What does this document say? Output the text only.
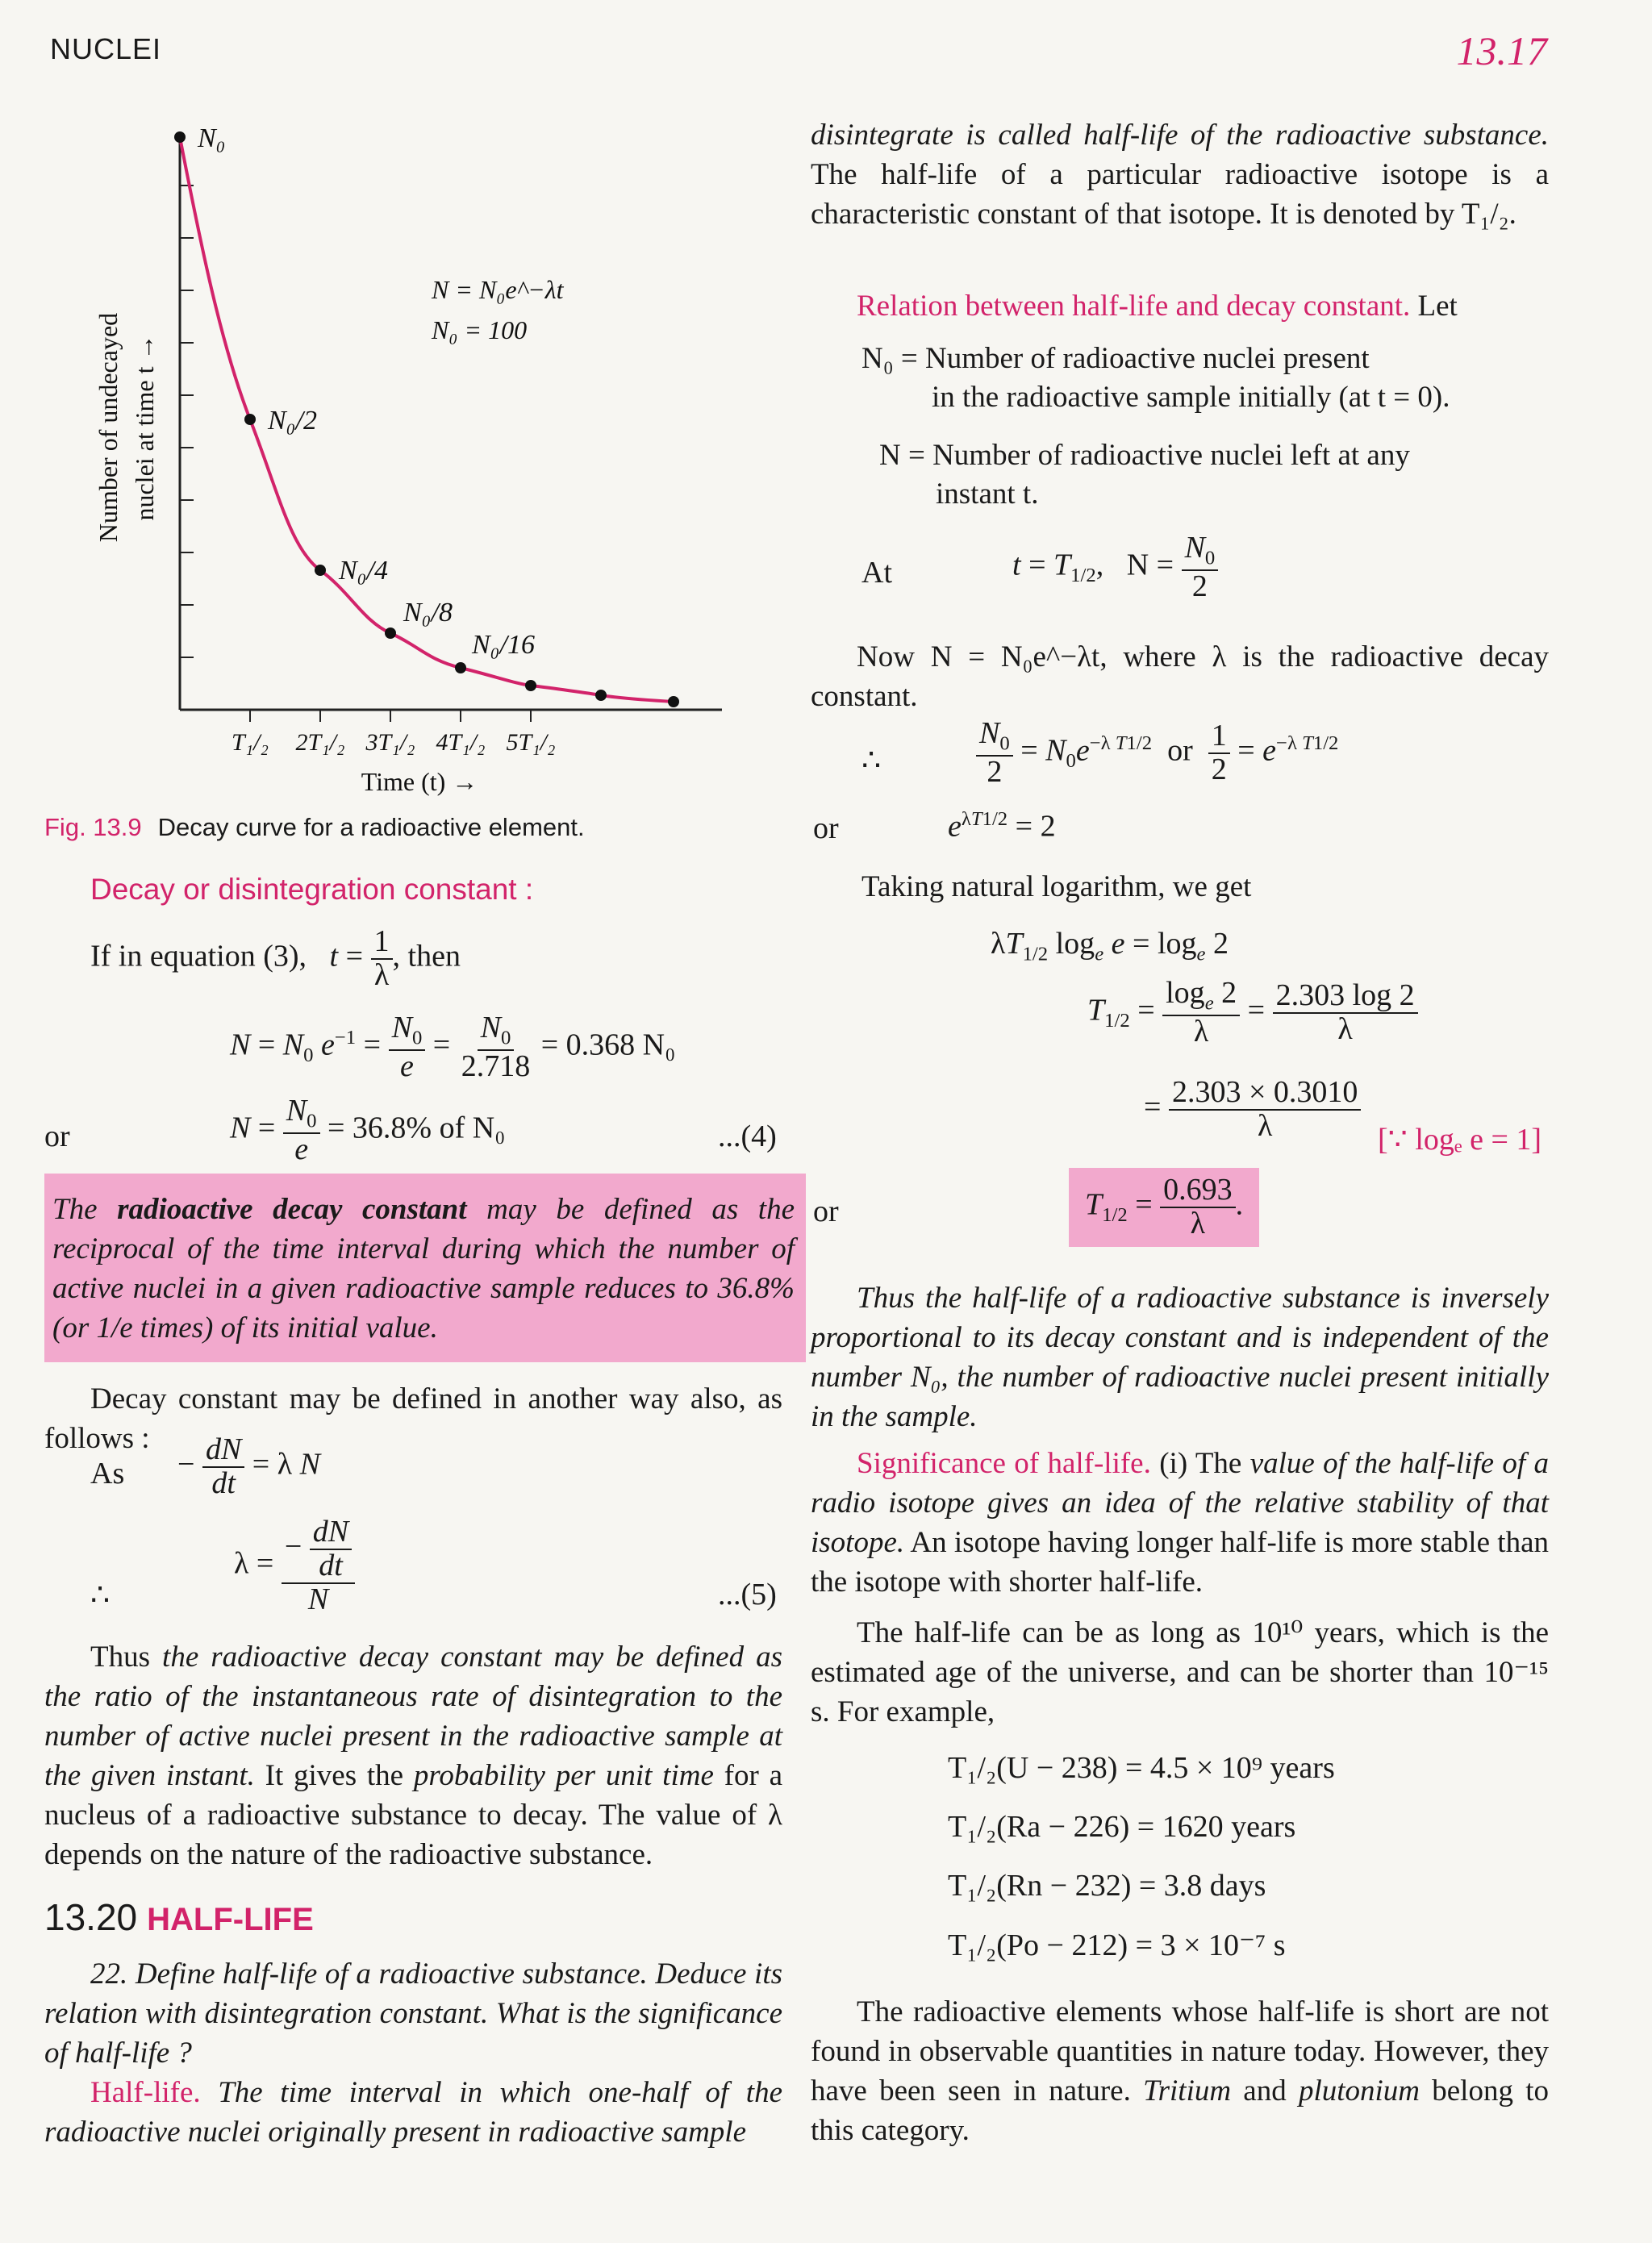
NUCLEI	13.17
N₀
N₀/2
N₀/4
N₀/8
N₀/16
N = N₀e^−λt
N₀ = 100
T₁/₂ 2T₁/₂ 3T₁/₂ 4T₁/₂ 5T₁/₂
Time (t) →
Number of undecayed nuclei at time t →
Fig. 13.9 Decay curve for a radioactive element.
Decay or disintegration constant :
If in equation (3), $t = \frac{1}{\lambda}$ , then
$N = N_0$ $e^{-1} = \frac{N_0}{e} = \frac{N_0}{2.718} = 0.368$ N₀
or	$N = \frac{N_0}{e} = 36.8\%$ of N₀	...(4)
The radioactive decay constant may be defined as the reciprocal of the time interval during which the number of active nuclei in a given radioactive sample reduces to 36.8% (or 1/e times) of its initial value.

Decay constant may be defined in another way also, as follows :

$As - \frac{dN}{dt} = \lambda$ N
∴
$\lambda = \frac{- \frac{dN}{dt}}{N}$	...(5)

Thus the radioactive decay constant may be defined as the ratio of the instantaneous rate of disintegration to the number of active nuclei present in the radioactive sample at the given instant. It gives the probability per unit time for a nucleus of a radioactive substance to decay. The value of λ depends on the nature of the radioactive substance.

13.20 HALF-LIFE

22. Define half-life of a radioactive substance. Deduce its relation with disintegration constant. What is the significance of half-life ?

Half-life. The time interval in which one-half of the radioactive nuclei originally present in radioactive sample

disintegrate is called half-life of the radioactive substance. The half-life of a particular radioactive isotope is a characteristic constant of that isotope. It is denoted by T₁/₂.

Relation between half-life and decay constant. Let

N₀ = Number of radioactive nuclei present
in the radioactive sample initially (at t = 0).
N = Number of radioactive nuclei left at any
instant t.
At	$t = T_{1/2}$,   $N = \frac{N_0}{2}$

Now N = N₀e^−λt, where λ is the radioactive decay constant.

∴	$\frac{N_0}{2} = N_0e^{-\lambda T1/2}$  or $\frac{1}{2} = e^{-\lambda T1/2}$
or	$e^{\lambda T1/2} = 2$
Taking natural logarithm, we get
$\lambda T_{1/2}$ $\log_e e = \log_e 2$
$T_{1/2} = \frac{\log_e 2}{\lambda} = \frac{2.303 \log 2}{\lambda}$
= $\frac{2.303 \times 0.3010}{\lambda}$ [∵ logₑ e = 1]
or	$T_{1/2} = \frac{0.693}{\lambda}$ .

Thus the half-life of a radioactive substance is inversely proportional to its decay constant and is independent of the number N₀, the number of radioactive nuclei present initially in the sample.

Significance of half-life. (i) The value of the half-life of a radio isotope gives an idea of the relative stability of that isotope. An isotope having longer half-life is more stable than the isotope with shorter half-life.

The half-life can be as long as 10¹⁰ years, which is the estimated age of the universe, and can be shorter than 10⁻¹⁵ s. For example,

T₁/₂(U − 238) = 4.5 × 10⁹ years
T₁/₂(Ra − 226) = 1620 years
T₁/₂(Rn − 232) = 3.8 days
T₁/₂(Po − 212) = 3 × 10⁻⁷ s

The radioactive elements whose half-life is short are not found in observable quantities in nature today. However, they have been seen in nature. Tritium and plutonium belong to this category.
